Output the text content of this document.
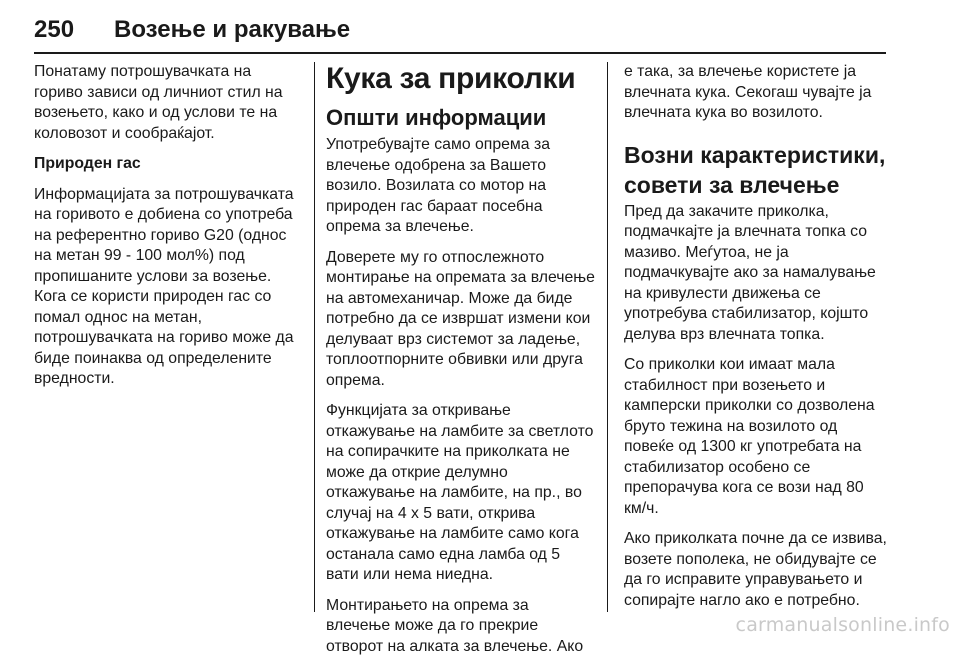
250 Возење и ракување

Понатаму потрошувачката на гориво зависи од личниот стил на возењето, како и од услови те на коловозот и сообраќајот.

Природен гас

Информацијата за потрошувачката на горивото е добиена со употреба на референтно гориво G20 (однос на метан 99 - 100 мол%) под пропишаните услови за возење. Кога се користи природен гас со помал однос на метан, потрошувачката на гориво може да биде поинаква од определените вредности.

Кука за приколки
Општи информации

Употребувајте само опрема за влечење одобрена за Вашето возило. Возилата со мотор на природен гас бараат посебна опрема за влечење.

Доверете му го отпослежното монтирање на опремата за влечење на автомеханичар. Може да биде потребно да се извршат измени кои делуваат врз системот за ладење, топлоотпорните обвивки или друга опрема.

Функцијата за откривање откажување на ламбите за светлото на сопирачките на приколката не може да открие делумно откажување на ламбите, на пр., во случај на 4 x 5 вати, открива откажување на ламбите само кога останала само една ламба од 5 вати или нема ниедна.

Монтирањето на опрема за влечење може да го прекрие отворот на алката за влечење. Ако

е така, за влечење користете ја влечната кука. Секогаш чувајте ја влечната кука во возилото.

Возни карактеристики, совети за влечење

Пред да закачите приколка, подмачкајте ја влечната топка со мазиво. Меѓутоа, не ја подмачкувајте ако за намалување на кривулести движења се употребува стабилизатор, којшто делува врз влечната топка.

Со приколки кои имаат мала стабилност при возењето и камперски приколки со дозволена бруто тежина на возилото од повеќе од 1300 кг употребата на стабилизатор особено се препорачува кога се вози над 80 км/ч.

Ако приколката почне да се извива, возете пополека, не обидувајте се да го исправите управувањето и сопирајте нагло ако е потребно.

carmanualsonline.info
